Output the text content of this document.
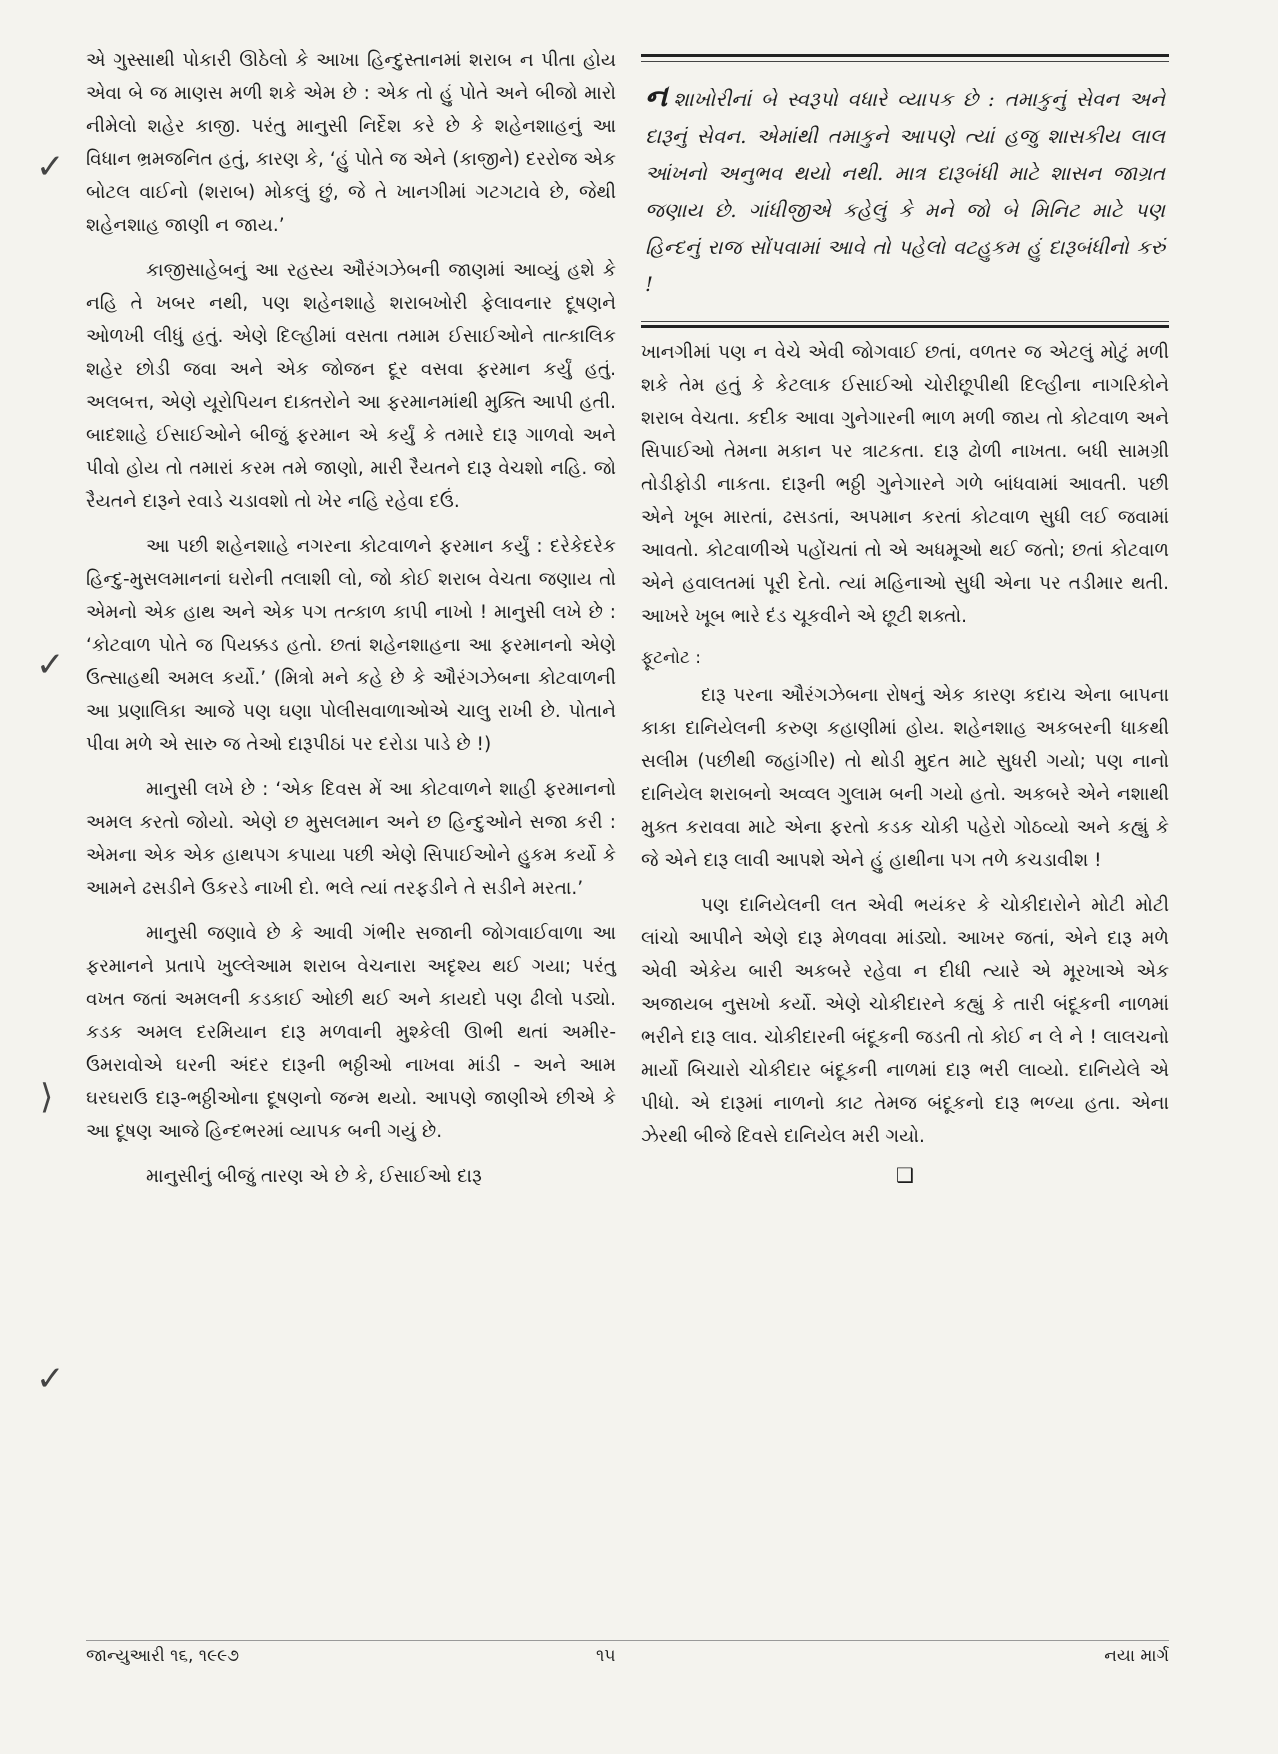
એ ગુસ્સાથી પોકારી ઊઠેલો કે આખા હિન્દુસ્તાનમાં શરાબ ન પીતા હોય એવા બે જ માણસ મળી શકે એમ છે : એક તો હું પોતે અને બીજો મારો નીમેલો શહેર કાજી. પરંતુ માનુસી નિર્દેશ કરે છે કે શહેનશાહનું આ વિધાન ભ્રમજનિત હતું, કારણ કે, ‘હું પોતે જ એને (કાજીને) દરરોજ એક બોટલ વાઈનો (શરાબ) મોકલું છું, જે તે ખાનગીમાં ગટગટાવે છે, જેથી શહેનશાહ જાણી ન જાય.’

કાજીસાહેબનું આ રહસ્ય ઔરંગઝેબની જાણમાં આવ્યું હશે કે નહિ તે ખબર નથી, પણ શહેનશાહે શરાબખોરી ફેલાવનાર દૂષણને ઓળખી લીધું હતું. એણે દિલ્હીમાં વસતા તમામ ઈસાઈઓને તાત્કાલિક શહેર છોડી જવા અને એક જોજન દૂર વસવા ફરમાન કર્યું હતું. અલબત્ત, એણે યૂરોપિયન દાક્તરોને આ ફરમાનમાંથી મુક્તિ આપી હતી. બાદશાહે ઈસાઈઓને બીજું ફરમાન એ કર્યું કે તમારે દારૂ ગાળવો અને પીવો હોય તો તમારાં કરમ તમે જાણો, મારી રૈયતને દારૂ વેચશો નહિ. જો રૈયતને દારૂને રવાડે ચડાવશો તો ખેર નહિ રહેવા દઉં.

આ પછી શહેનશાહે નગરના કોટવાળને ફરમાન કર્યું : દરેકેદરેક હિન્દુ-મુસલમાનનાં ઘરોની તલાશી લો, જો કોઈ શરાબ વેચતા જણાય તો એમનો એક હાથ અને એક પગ તત્કાળ કાપી નાખો ! માનુસી લખે છે : ‘કોટવાળ પોતે જ પિયક્કડ હતો. છતાં શહેનશાહના આ ફરમાનનો એણે ઉત્સાહથી અમલ કર્યો.’ (મિત્રો મને કહે છે કે ઔરંગઝેબના કોટવાળની આ પ્રણાલિકા આજે પણ ઘણા પોલીસવાળાઓએ ચાલુ રાખી છે. પોતાને પીવા મળે એ સારુ જ તેઓ દારૂપીઠાં પર દરોડા પાડે છે !)

માનુસી લખે છે : ‘એક દિવસ મેં આ કોટવાળને શાહી ફરમાનનો અમલ કરતો જોયો. એણે છ મુસલમાન અને છ હિન્દુઓને સજા કરી : એમના એક એક હાથપગ કપાયા પછી એણે સિપાઈઓને હુકમ કર્યો કે આમને ઢસડીને ઉકરડે નાખી દો. ભલે ત્યાં તરફડીને તે સડીને મરતા.’

માનુસી જણાવે છે કે આવી ગંભીર સજાની જોગવાઈવાળા આ ફરમાનને પ્રતાપે ખુલ્લેઆમ શરાબ વેચનારા અદૃશ્ય થઈ ગયા; પરંતુ વખત જતાં અમલની કડકાઈ ઓછી થઈ અને કાયદો પણ ઢીલો પડ્યો. કડક અમલ દરમિયાન દારૂ મળવાની મુશ્કેલી ઊભી થતાં અમીર-ઉમરાવોએ ઘરની અંદર દારૂની ભઠ્ઠીઓ નાખવા માંડી - અને આમ ઘરઘરાઉ દારૂ-ભઠ્ઠીઓના દૂષણનો જન્મ થયો. આપણે જાણીએ છીએ કે આ દૂષણ આજે હિન્દભરમાં વ્યાપક બની ગયું છે.

માનુસીનું બીજું તારણ એ છે કે, ઈસાઈઓ દારૂ

નશાખોરીનાં બે સ્વરૂપો વધારે વ્યાપક છે : તમાકુનું સેવન અને દારૂનું સેવન. એમાંથી તમાકુને આપણે ત્યાં હજુ શાસકીય લાલ આંખનો અનુભવ થયો નથી. માત્ર દારૂબંધી માટે શાસન જાગ્રત જણાય છે. ગાંધીજીએ કહેલું કે મને જો બે મિનિટ માટે પણ હિન્દનું રાજ સોંપવામાં આવે તો પહેલો વટહુકમ હું દારૂબંધીનો કરું !

ખાનગીમાં પણ ન વેચે એવી જોગવાઈ છતાં, વળતર જ એટલું મોટું મળી શકે તેમ હતું કે કેટલાક ઈસાઈઓ ચોરીછૂપીથી દિલ્હીના નાગરિકોને શરાબ વેચતા. કદીક આવા ગુનેગારની ભાળ મળી જાય તો કોટવાળ અને સિપાઈઓ તેમના મકાન પર ત્રાટકતા. દારૂ ઢોળી નાખતા. બધી સામગ્રી તોડીફોડી નાકતા. દારૂની ભઠ્ઠી ગુનેગારને ગળે બાંધવામાં આવતી. પછી એને ખૂબ મારતાં, ઢસડતાં, અપમાન કરતાં કોટવાળ સુધી લઈ જવામાં આવતો. કોટવાળીએ પહોંચતાં તો એ અધમૂઓ થઈ જતો; છતાં કોટવાળ એને હવાલતમાં પૂરી દેતો. ત્યાં મહિનાઓ સુધી એના પર તડીમાર થતી. આખરે ખૂબ ભારે દંડ ચૂકવીને એ છૂટી શક્તો.

ફૂટનોટ :

દારૂ પરના ઔરંગઝેબના રોષનું એક કારણ કદાચ એના બાપના કાકા દાનિયેલની કરુણ કહાણીમાં હોય. શહેનશાહ અકબરની ધાકથી સલીમ (પછીથી જહાંગીર) તો થોડી મુદત માટે સુધરી ગયો; પણ નાનો દાનિયેલ શરાબનો અવ્વલ ગુલામ બની ગયો હતો. અકબરે એને નશાથી મુક્ત કરાવવા માટે એના ફરતો કડક ચોકી પહેરો ગોઠવ્યો અને કહ્યું કે જે એને દારૂ લાવી આપશે એને હું હાથીના પગ તળે કચડાવીશ !

પણ દાનિયેલની લત એવી ભયંકર કે ચોકીદારોને મોટી મોટી લાંચો આપીને એણે દારૂ મેળવવા માંડ્યો. આખર જતાં, એને દારૂ મળે એવી એકેય બારી અકબરે રહેવા ન દીધી ત્યારે એ મૂરખાએ એક અજાયબ નુસખો કર્યો. એણે ચોકીદારને કહ્યું કે તારી બંદૂકની નાળમાં ભરીને દારૂ લાવ. ચોકીદારની બંદૂકની જડતી તો કોઈ ન લે ને ! લાલચનો માર્યો બિચારો ચોકીદાર બંદૂકની નાળમાં દારૂ ભરી લાવ્યો. દાનિયેલે એ પીધો. એ દારૂમાં નાળનો કાટ તેમજ બંદૂકનો દારૂ ભળ્યા હતા. એના ઝેરથી બીજે દિવસે દાનિયેલ મરી ગયો.

❑
✓
✓
⟩
✓
જાન્યુઆરી ૧૬, ૧૯૯૭	૧૫	નયા માર્ગ
